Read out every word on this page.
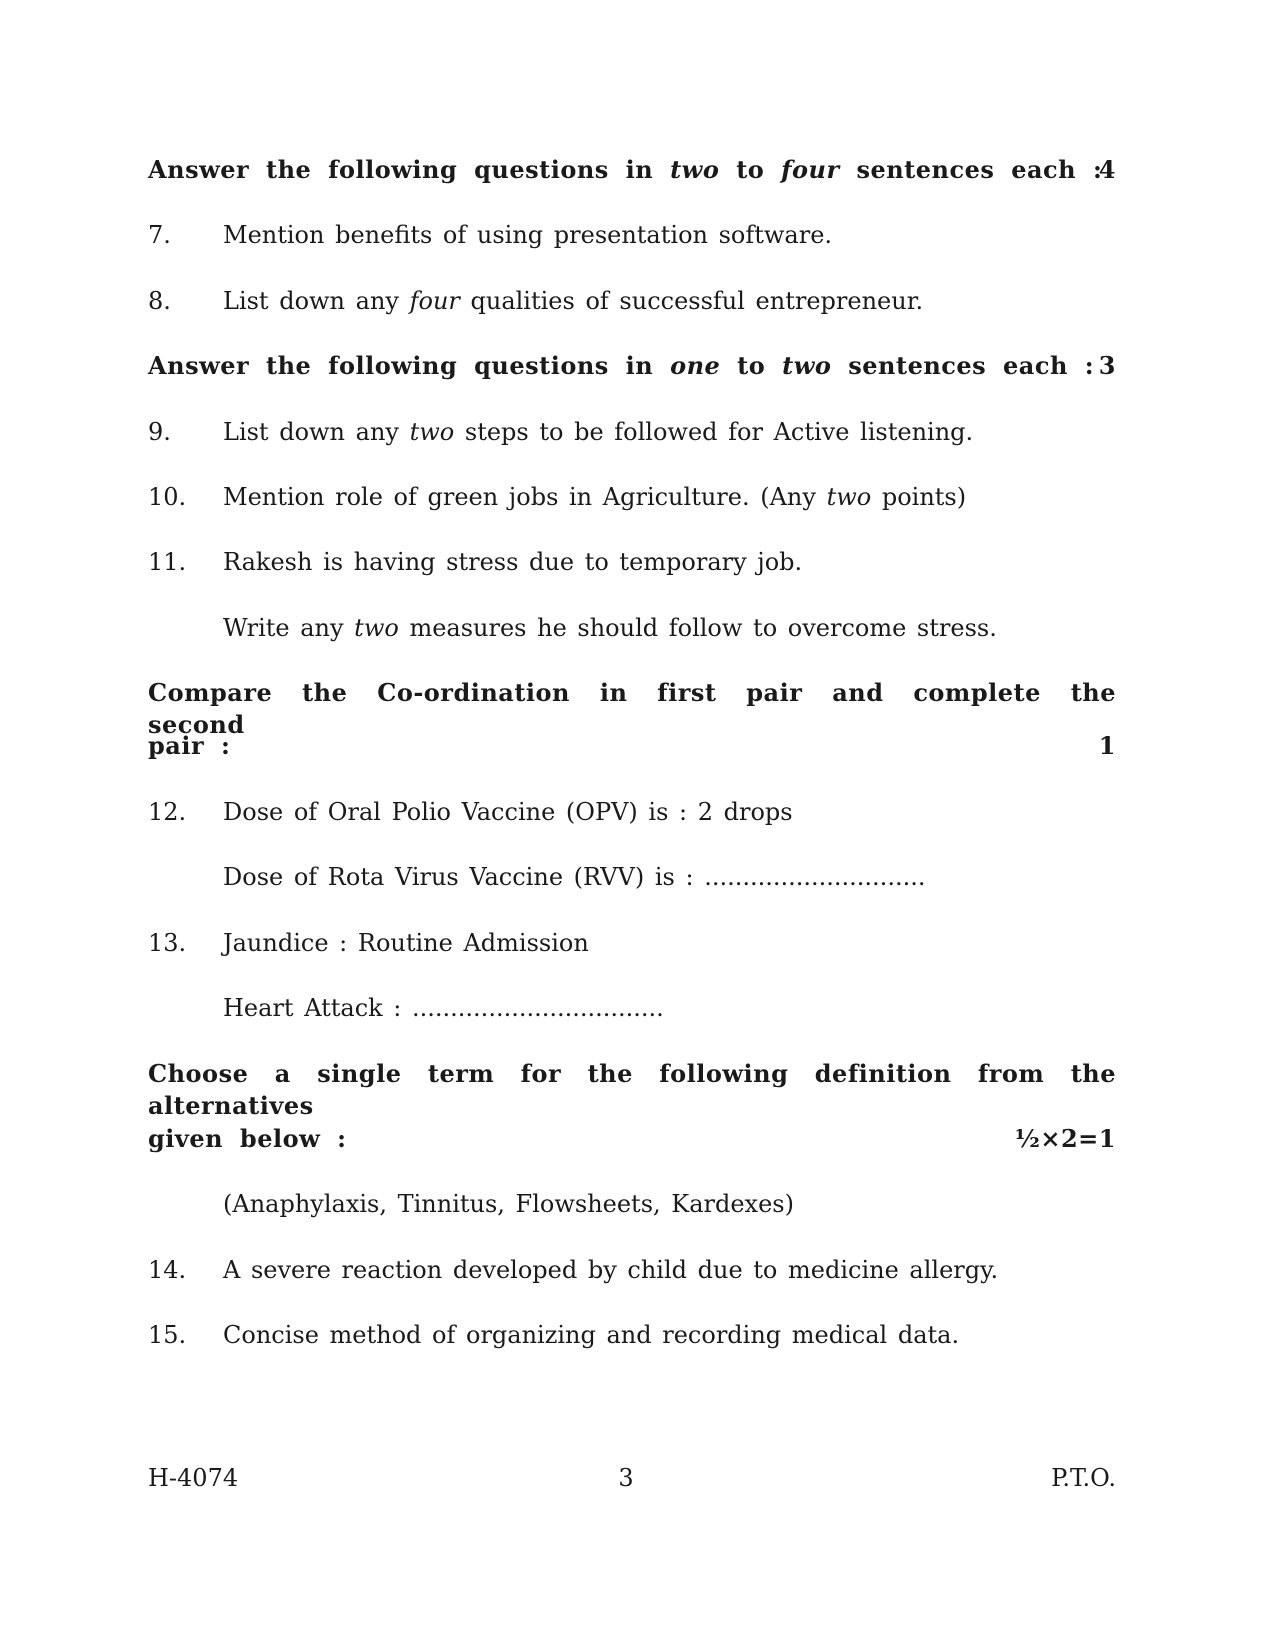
Answer the following questions in two to four sentences each :
4
7. Mention benefits of using presentation software.
8. List down any four qualities of successful entrepreneur.
Answer the following questions in one to two sentences each : 3
9. List down any two steps to be followed for Active listening.
10. Mention role of green jobs in Agriculture. (Any two points)
11. Rakesh is having stress due to temporary job.
Write any two measures he should follow to overcome stress.
Compare the Co-ordination in first pair and complete the second
pair :	1
12. Dose of Oral Polio Vaccine (OPV) is : 2 drops
Dose of Rota Virus Vaccine (RVV) is : .............................
13. Jaundice : Routine Admission
Heart Attack : .................................
Choose a single term for the following definition from the alternatives
given below :	½×2=1
(Anaphylaxis, Tinnitus, Flowsheets, Kardexes)
14. A severe reaction developed by child due to medicine allergy.
15. Concise method of organizing and recording medical data.
H-4074	3	P.T.O.
